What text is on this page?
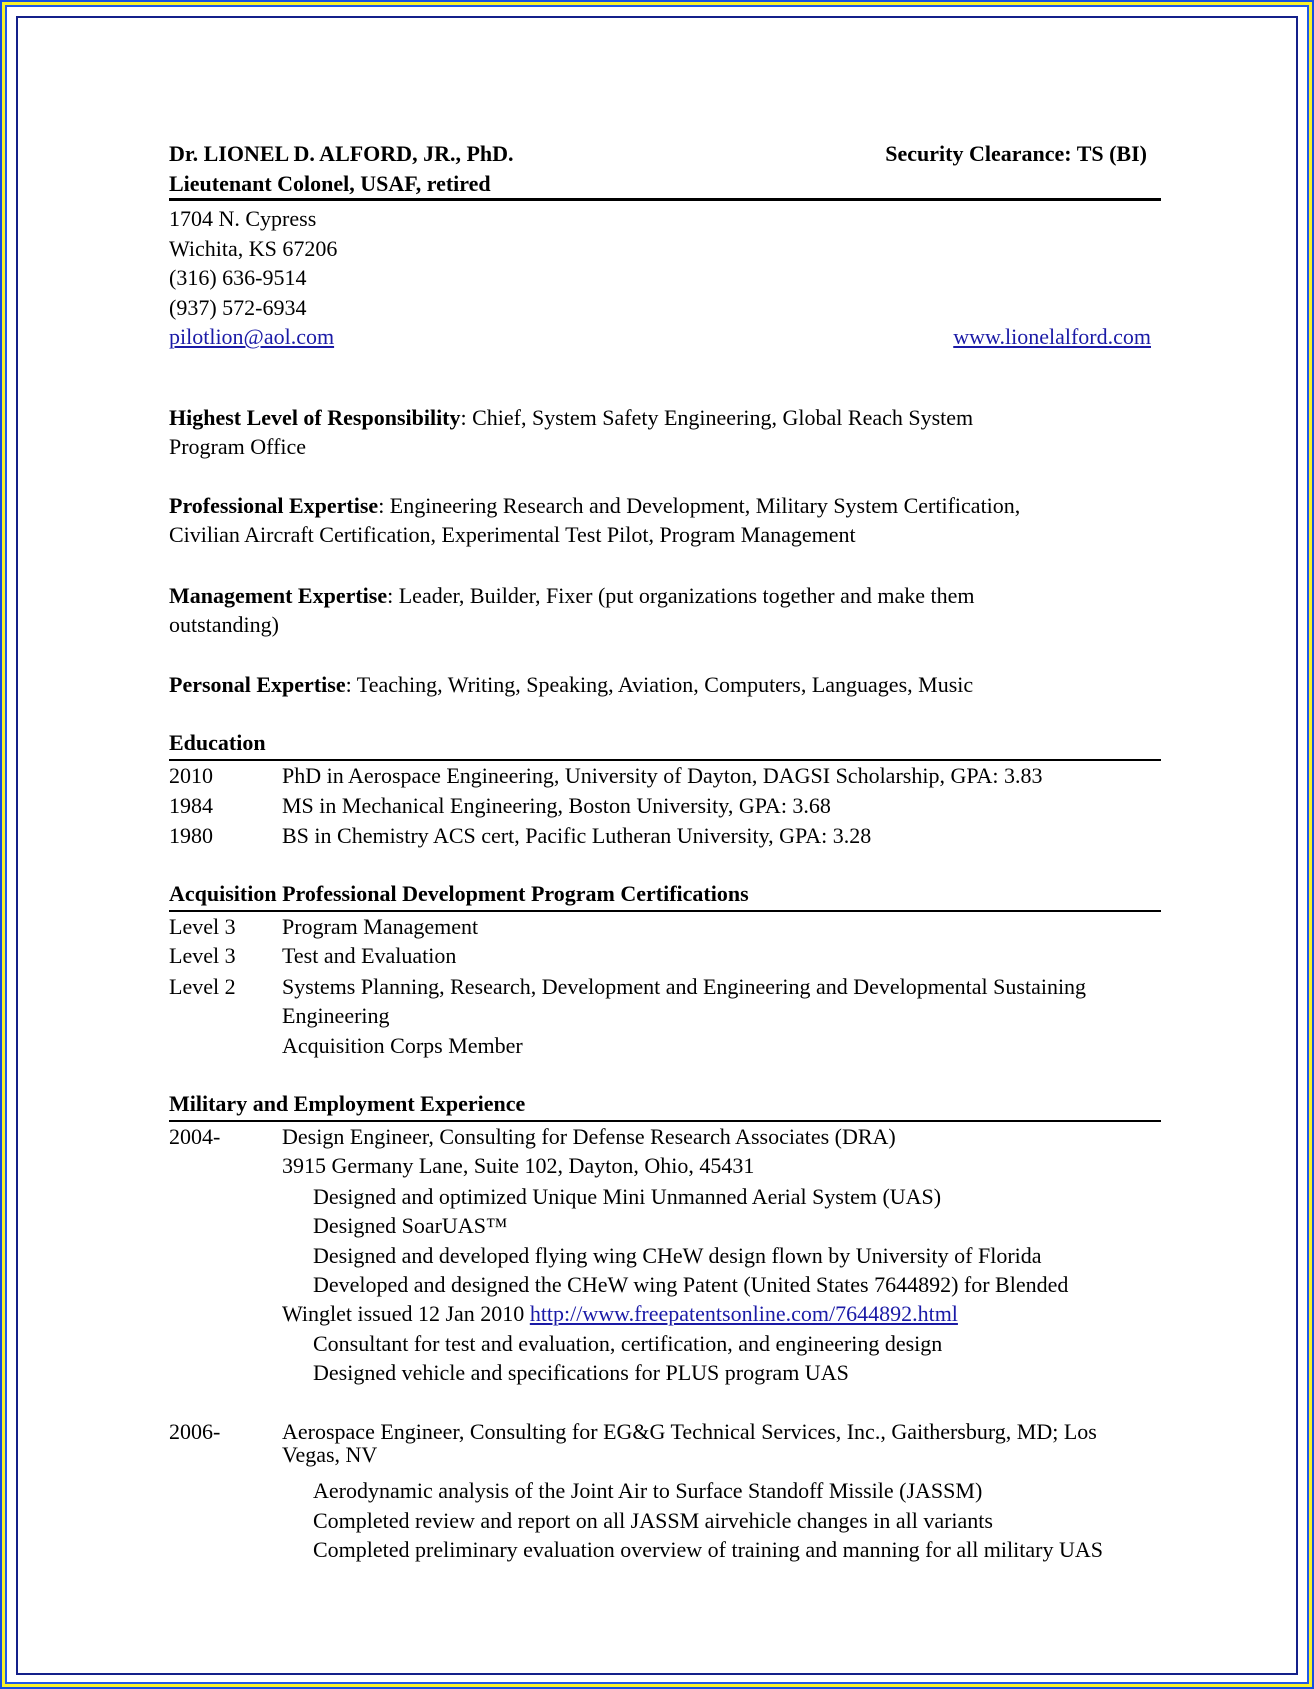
Dr. LIONEL D. ALFORD, JR., PhD.	Security Clearance: TS (BI)
Lieutenant Colonel, USAF, retired
1704 N. Cypress
Wichita, KS 67206
(316) 636-9514
(937) 572-6934
pilotlion@aol.com	www.lionelalford.com
Highest Level of Responsibility: Chief, System Safety Engineering, Global Reach System
Program Office
Professional Expertise: Engineering Research and Development, Military System Certification,
Civilian Aircraft Certification, Experimental Test Pilot, Program Management
Management Expertise: Leader, Builder, Fixer (put organizations together and make them
outstanding)
Personal Expertise: Teaching, Writing, Speaking, Aviation, Computers, Languages, Music
Education
2010	PhD in Aerospace Engineering, University of Dayton, DAGSI Scholarship, GPA: 3.83
1984	MS in Mechanical Engineering, Boston University, GPA: 3.68
1980	BS in Chemistry ACS cert, Pacific Lutheran University, GPA: 3.28
Acquisition Professional Development Program Certifications
Level 3 Program Management
Level 3 Test and Evaluation
Level 2 Systems Planning, Research, Development and Engineering and Developmental Sustaining
Engineering
Acquisition Corps Member
Military and Employment Experience
2004-	Design Engineer, Consulting for Defense Research Associates (DRA)
3915 Germany Lane, Suite 102, Dayton, Ohio, 45431
Designed and optimized Unique Mini Unmanned Aerial System (UAS)
Designed SoarUAS™
Designed and developed flying wing CHeW design flown by University of Florida
Developed and designed the CHeW wing Patent (United States 7644892) for Blended
Winglet issued 12 Jan 2010 http://www.freepatentsonline.com/7644892.html
Consultant for test and evaluation, certification, and engineering design
Designed vehicle and specifications for PLUS program UAS
2006-	Aerospace Engineer, Consulting for EG&G Technical Services, Inc., Gaithersburg, MD; Los
Vegas, NV
Aerodynamic analysis of the Joint Air to Surface Standoff Missile (JASSM)
Completed review and report on all JASSM airvehicle changes in all variants
Completed preliminary evaluation overview of training and manning for all military UAS
